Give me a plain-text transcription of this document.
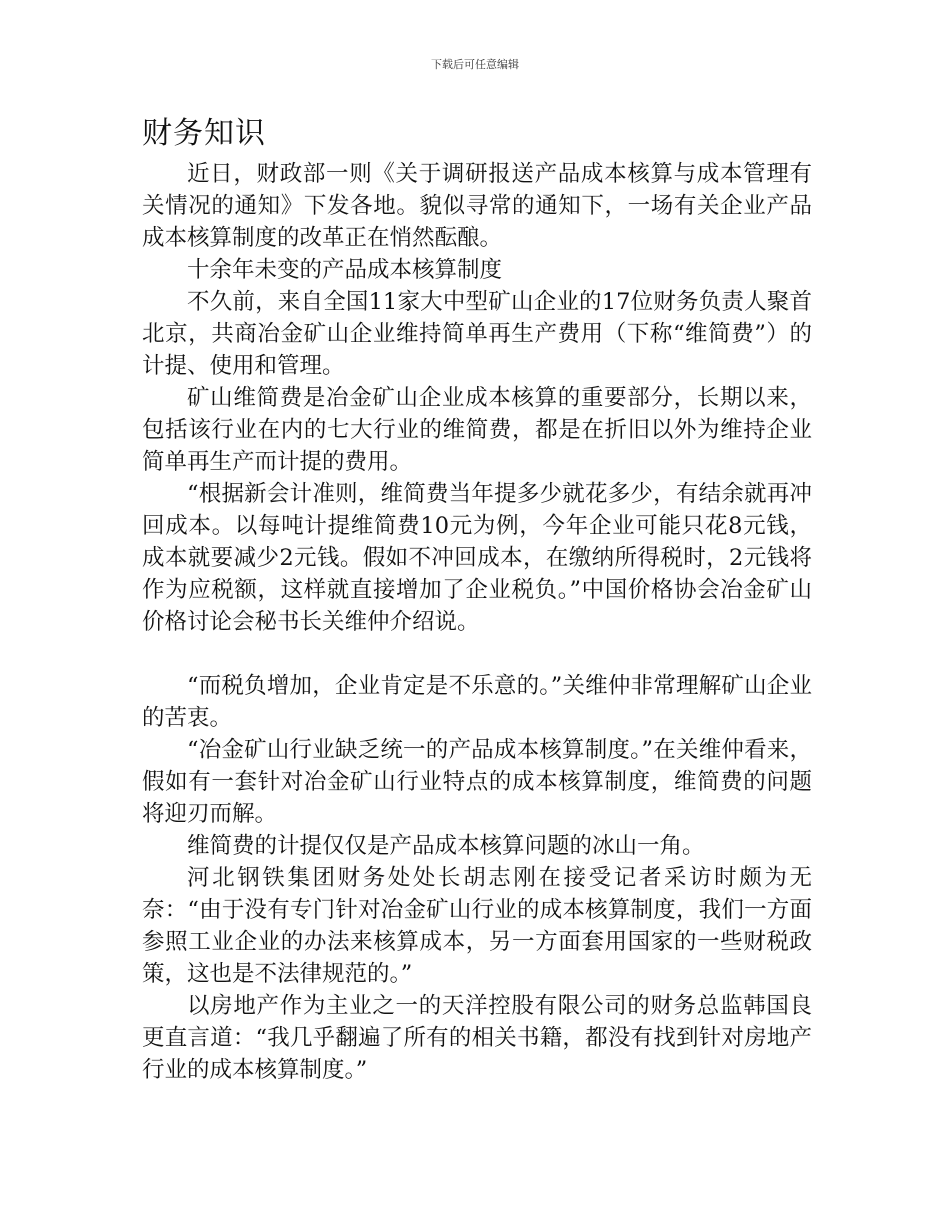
下载后可任意编辑
财务知识

近日，财政部一则《关于调研报送产品成本核算与成本管理有关情况的通知》下发各地。貌似寻常的通知下，一场有关企业产品成本核算制度的改革正在悄然酝酿。

十余年未变的产品成本核算制度

不久前，来自全国11家大中型矿山企业的17位财务负责人聚首北京，共商冶金矿山企业维持简单再生产费用（下称“维简费”）的计提、使用和管理。

矿山维简费是冶金矿山企业成本核算的重要部分，长期以来，包括该行业在内的七大行业的维简费，都是在折旧以外为维持企业简单再生产而计提的费用。

“根据新会计准则，维简费当年提多少就花多少，有结余就再冲回成本。以每吨计提维简费10元为例，今年企业可能只花8元钱，成本就要减少2元钱。假如不冲回成本，在缴纳所得税时，2元钱将作为应税额，这样就直接增加了企业税负。”中国价格协会冶金矿山价格讨论会秘书长关维仲介绍说。

“而税负增加，企业肯定是不乐意的。”关维仲非常理解矿山企业的苦衷。

“冶金矿山行业缺乏统一的产品成本核算制度。”在关维仲看来，假如有一套针对冶金矿山行业特点的成本核算制度，维简费的问题将迎刃而解。

维简费的计提仅仅是产品成本核算问题的冰山一角。

河北钢铁集团财务处处长胡志刚在接受记者采访时颇为无奈：“由于没有专门针对冶金矿山行业的成本核算制度，我们一方面参照工业企业的办法来核算成本，另一方面套用国家的一些财税政策，这也是不法律规范的。”

以房地产作为主业之一的天洋控股有限公司的财务总监韩国良更直言道：“我几乎翻遍了所有的相关书籍，都没有找到针对房地产行业的成本核算制度。”
